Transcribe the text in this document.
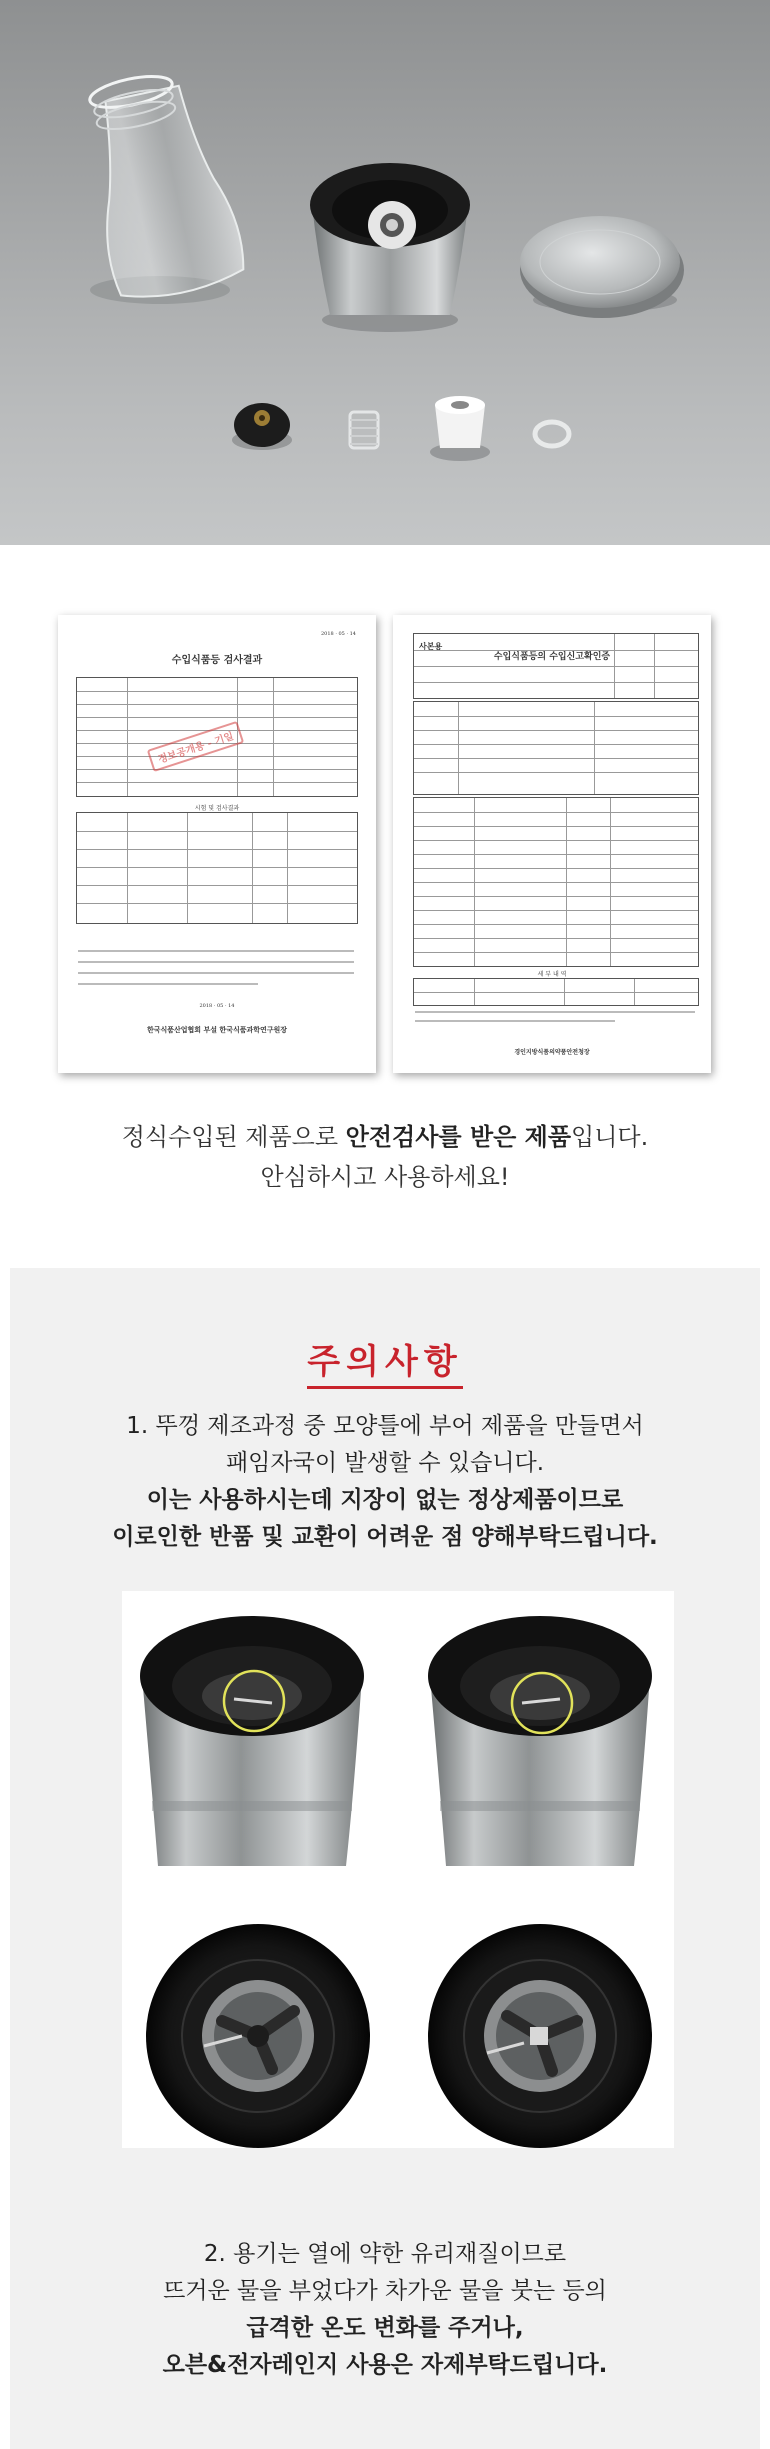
2018 · 05 · 14
수입식품등 검사결과
정보공개용 - 기일
시험 및 검사결과
2018 · 05 · 14
한국식품산업협회 부설 한국식품과학연구원장
사본용
수입식품등의 수입신고확인증
세 부 내 역
경인지방식품의약품안전청장
정식수입된 제품으로 안전검사를 받은 제품입니다.
안심하시고 사용하세요!
주의사항
1. 뚜껑 제조과정 중 모양틀에 부어 제품을 만들면서
패임자국이 발생할 수 있습니다.
이는 사용하시는데 지장이 없는 정상제품이므로
이로인한 반품 및 교환이 어려운 점 양해부탁드립니다.
2. 용기는 열에 약한 유리재질이므로
뜨거운 물을 부었다가 차가운 물을 붓는 등의
급격한 온도 변화를 주거나,
오븐&전자레인지 사용은 자제부탁드립니다.
